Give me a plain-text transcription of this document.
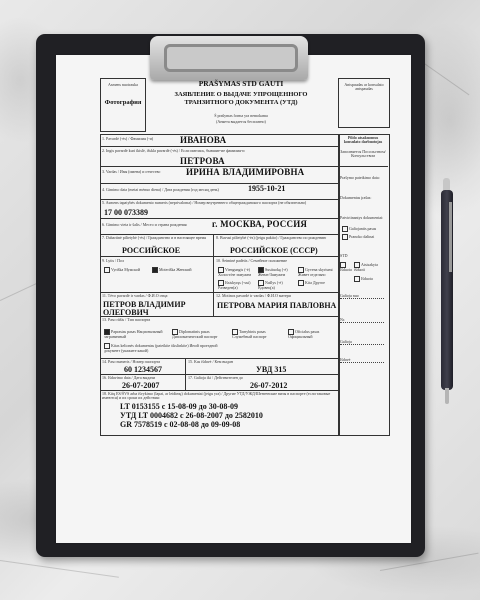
Asmens nuotrauka
Фотография
PRAŠYMAS STD GAUTI
ЗАЯВЛЕНИЕ О ВЫДАЧЕ УПРОЩЕННОГО
ТРАНЗИТНОГО ДОКУМЕНТА (УТД)
Š prašymas forma yra nemokama
(Анкета выдается бесплатно)
Antspaudas ar konsulato antspaudas
1. Pavardė (-ės) / Фамилия (-и)	ИВАНОВА
2. Ingis pavardė kuri ikislė, išskla pavardė (-ės) / Если имелась, бывшие-ие фамилия-и
ПЕТРОВА
3. Vardas / Имя (имена) и отчество	ИРИНА ВЛАДИМИРОВНА
4. Gimimo data (metai mėnuo diena) / Дата рождения (год месяц день)	1955-10-21
5. Asmens tapatybės dokumento numeris (neprivaloma) / Номер внутреннего общегражданского паспорта (не обязательно)
17 00 073389
6. Gimimo vieta ir šalis / Место и страна рождения	г. МОСКВА, РОССИЯ
7. Dabartinė pilietybė (-ės) / Гражданство и в настоящее время
РОССИЙСКОЕ
8. Buvusi pilietybė (-ės) (jeigu pakito) / Гражданство по рождению
РОССИЙСКОЕ (СССР)
9. Lytis / Пол
Vyriška Мужской	Moteriška Женский
10. Šeiminė padėtis / Семейное положение
Viengungis (-ė) Холост/не замужем
Susituokę (-ė) Женат/Замужем
Gyvena skyriumi Живет отдельно
Išsiskyręs (-usi) Разведен(а)
Našlys (-ė) Вдовец(а)
Kita Другое
11. Tėvo pavardė ir vardas / Ф.И.О отца:
ПЕТРОВ ВЛАДИМИР
ОЛЕГОВИЧ
12. Motinos pavardė ir vardas / Ф.И.О матери
ПЕТРОВА МАРИЯ ПАВЛОВНА
13. Paso rūšis / Тип паспорта
Paprastas pasas Национальный заграничный
Diplomatinis pasas Дипломатический паспорт
Tarnybinis pasas Служебный паспорт
Oficialus pasas Официальный
Kitas kelionės dokumentas (pateikite tikslinkite) Иной проездной документ (укажите какой)
14. Paso numeris / Номер паспорта
60 1234567
15. Kas išdavė / Кем выдан
УВД 315
16. Išdavimo data / Дата выдачи
26-07-2007
17. Galioja iki / Действителен до
26-07-2012
18. Kitų ES/ŠVS arba išvykimo (lapai, ar leidimų) dokumentai (jeigu yra) / Другие УТД/УЖД/Шенгенские визы в паспорте (если таковые имеются) и их сроки их действия:
LT 0153155 с 15-08-09 до 30-08-09
УТД LT 0004682 с 26-08-2007 до 2582010
GR 7578519 с 02-08-08 до 09-09-08
Pildo atsakuomus konsulato darbuotojas
Заполняется Посольством/ Консульством
Prašymo pateikimo data:
Dokumentas įrašas:
Patvirtinantys dokumentai:
Galiojantis pasas
Pranoko dalinai
STD
Išduota
Atsisakyta išduoti
Išduota
Galioja nuo
Nr.
Galioja
Išdavė
